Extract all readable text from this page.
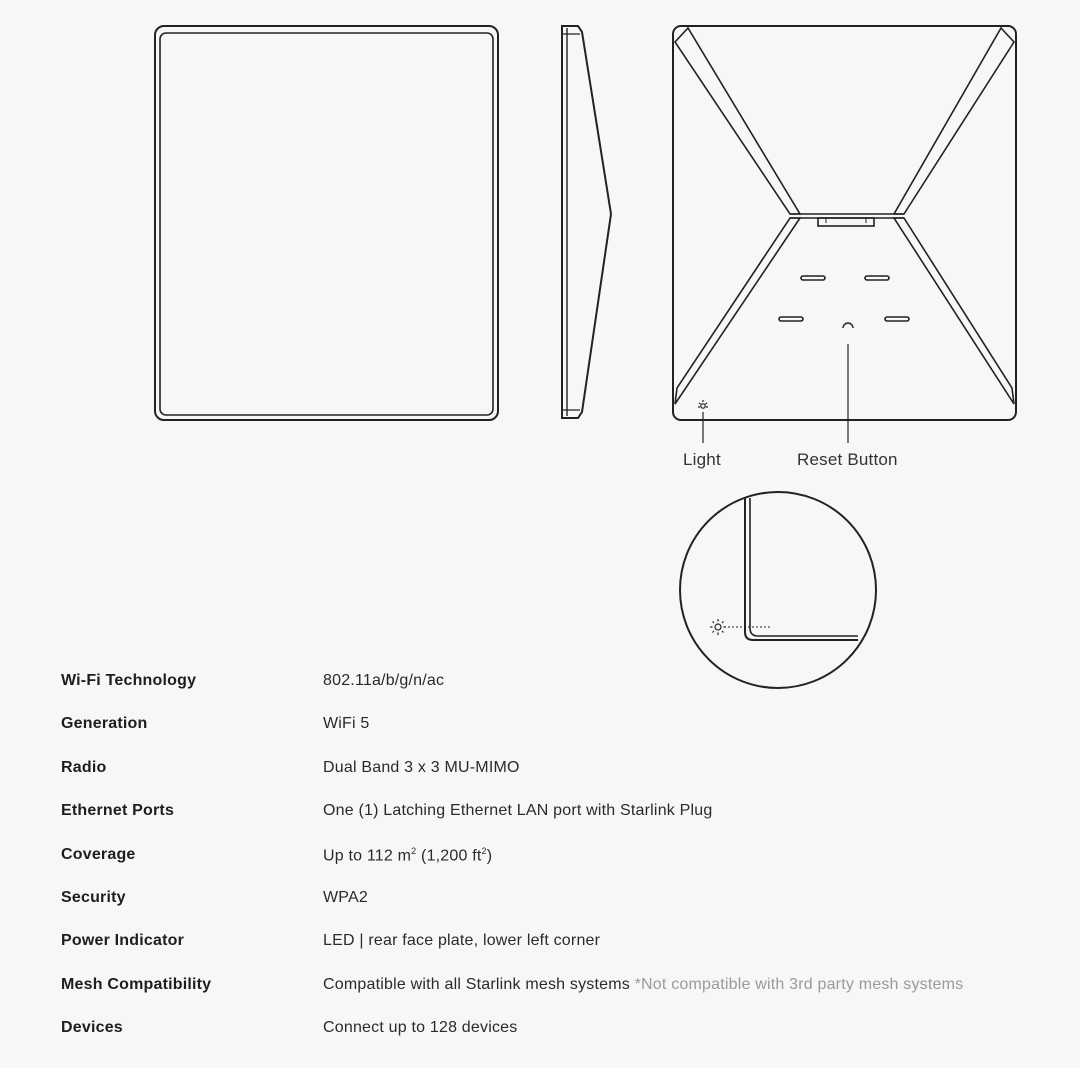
Light	Reset Button
Wi-Fi Technology	802.11a/b/g/n/ac
Generation	WiFi 5
Radio	Dual Band 3 x 3 MU-MIMO
Ethernet Ports	One (1) Latching Ethernet LAN port with Starlink Plug
Coverage	Up to 112 $m^2$ (1,200 $ft^2$)
Security	WPA2
Power Indicator	LED | rear face plate, lower left corner
Mesh Compatibility	Compatible with all Starlink mesh systems *Not compatible with 3rd party mesh systems
Devices	Connect up to 128 devices
